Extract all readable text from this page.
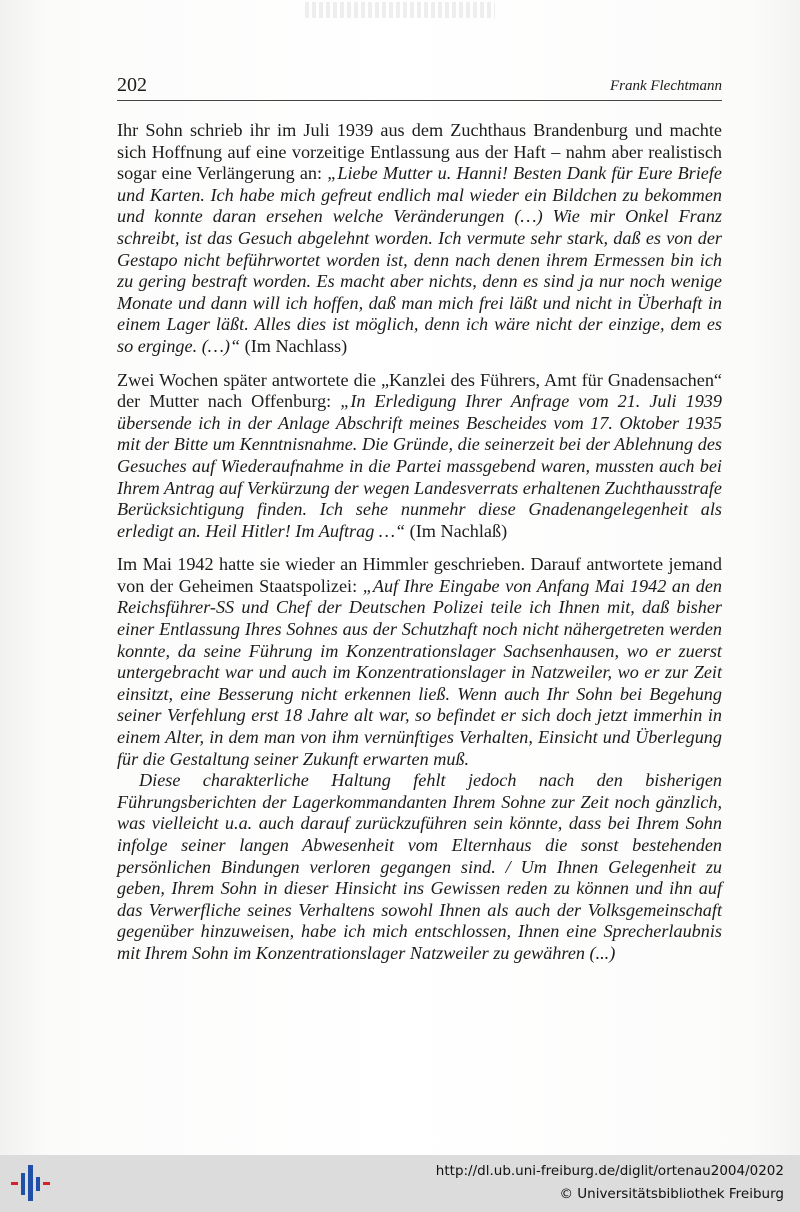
202	Frank Flechtmann

Ihr Sohn schrieb ihr im Juli 1939 aus dem Zuchthaus Brandenburg und machte sich Hoffnung auf eine vorzeitige Entlassung aus der Haft – nahm aber realistisch sogar eine Verlängerung an: „Liebe Mutter u. Hanni! Besten Dank für Eure Briefe und Karten. Ich habe mich gefreut endlich mal wieder ein Bildchen zu bekommen und konnte daran ersehen welche Veränderungen (…) Wie mir Onkel Franz schreibt, ist das Gesuch abgelehnt worden. Ich vermute sehr stark, daß es von der Gestapo nicht beführwortet worden ist, denn nach denen ihrem Ermessen bin ich zu gering bestraft worden. Es macht aber nichts, denn es sind ja nur noch wenige Monate und dann will ich hoffen, daß man mich frei läßt und nicht in Überhaft in einem Lager läßt. Alles dies ist möglich, denn ich wäre nicht der einzige, dem es so erginge. (…)“ (Im Nachlass)

Zwei Wochen später antwortete die „Kanzlei des Führers, Amt für Gnadensachen“ der Mutter nach Offenburg: „In Erledigung Ihrer Anfrage vom 21. Juli 1939 übersende ich in der Anlage Abschrift meines Bescheides vom 17. Oktober 1935 mit der Bitte um Kenntnisnahme. Die Gründe, die seinerzeit bei der Ablehnung des Gesuches auf Wiederaufnahme in die Partei massgebend waren, mussten auch bei Ihrem Antrag auf Verkürzung der wegen Landesverrats erhaltenen Zuchthausstrafe Berücksichtigung finden. Ich sehe nunmehr diese Gnadenangelegenheit als erledigt an. Heil Hitler! Im Auftrag …“ (Im Nachlaß)

Im Mai 1942 hatte sie wieder an Himmler geschrieben. Darauf antwortete jemand von der Geheimen Staatspolizei: „Auf Ihre Eingabe von Anfang Mai 1942 an den Reichsführer-SS und Chef der Deutschen Polizei teile ich Ihnen mit, daß bisher einer Entlassung Ihres Sohnes aus der Schutzhaft noch nicht nähergetreten werden konnte, da seine Führung im Konzentrationslager Sachsenhausen, wo er zuerst untergebracht war und auch im Konzentrationslager in Natzweiler, wo er zur Zeit einsitzt, eine Besserung nicht erkennen ließ. Wenn auch Ihr Sohn bei Begehung seiner Verfehlung erst 18 Jahre alt war, so befindet er sich doch jetzt immerhin in einem Alter, in dem man von ihm vernünftiges Verhalten, Einsicht und Überlegung für die Gestaltung seiner Zukunft erwarten muß.

Diese charakterliche Haltung fehlt jedoch nach den bisherigen Führungsberichten der Lagerkommandanten Ihrem Sohne zur Zeit noch gänzlich, was vielleicht u.a. auch darauf zurückzuführen sein könnte, dass bei Ihrem Sohn infolge seiner langen Abwesenheit vom Elternhaus die sonst bestehenden persönlichen Bindungen verloren gegangen sind. / Um Ihnen Gelegenheit zu geben, Ihrem Sohn in dieser Hinsicht ins Gewissen reden zu können und ihn auf das Verwerfliche seines Verhaltens sowohl Ihnen als auch der Volksgemeinschaft gegenüber hinzuweisen, habe ich mich entschlossen, Ihnen eine Sprecherlaubnis mit Ihrem Sohn im Konzentrationslager Natzweiler zu gewähren (...)

http://dl.ub.uni-freiburg.de/diglit/ortenau2004/0202
© Universitätsbibliothek Freiburg
